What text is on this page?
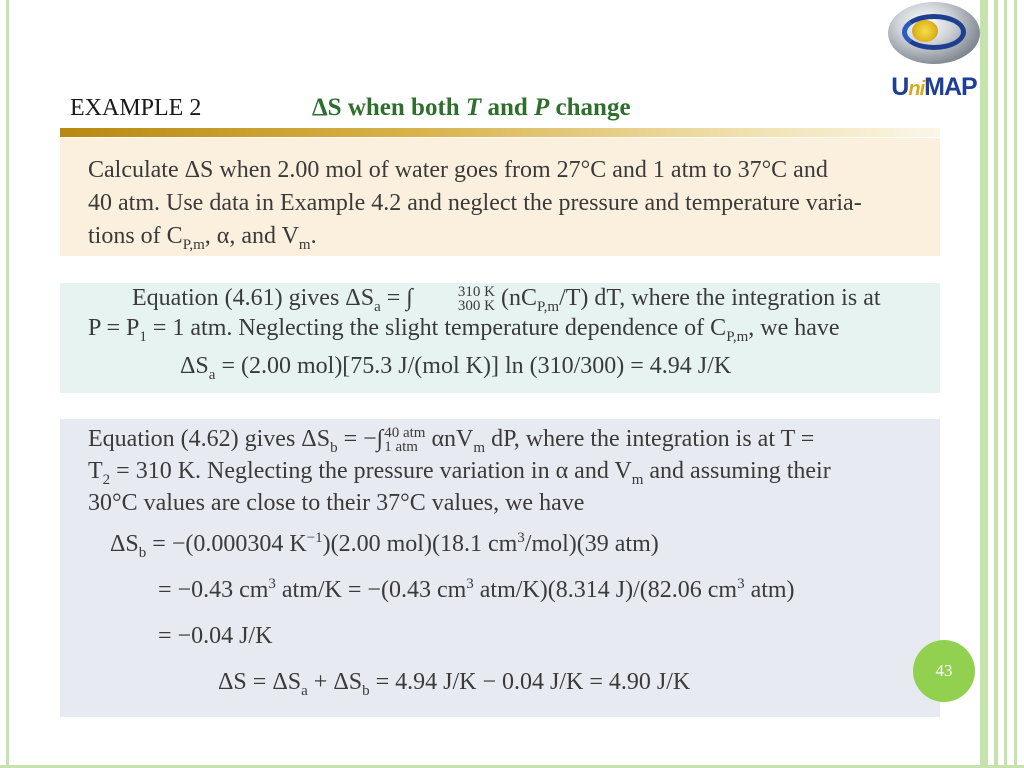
UniMAP
EXAMPLE 2	ΔS when both T and P change

Calculate ΔS when 2.00 mol of water goes from 27°C and 1 atm to 37°C and

40 atm. Use data in Example 4.2 and neglect the pressure and temperature varia-

tions of $C_{P,m}$, α, and $V_m$.

Equation (4.61) gives $\Delta S_a$ = ∫	310 K
300 K $(nC_{P,m}/T)$ dT, where the integration is at

$P = P_1 = 1$ atm. Neglecting the slight temperature dependence of $C_{P,m}$, we have

$\Delta S_a = (2.00$ mol)[75.3 J/(mol K)] ln (310/300) = 4.94 J/K

Equation (4.62) gives $\Delta S_b$ = −∫ 40 atm
1 atm αnV$_m$ dP, where the integration is at T =

$T_2 = 310$ K. Neglecting the pressure variation in α and $V_m$ and assuming their

30°C values are close to their 37°C values, we have

$\Delta S_b = -(0.000304$ $K^{-1})(2.00$ mol)(18.1 $cm^3/mol)(39$ atm)
= −0.43 $cm^3$ atm/K = −(0.43 $cm^3$ atm/K)(8.314 J)/(82.06 $cm^3$ atm)
= −0.04 J/K
$\Delta S = \Delta S_a + \Delta S_b = 4.94$ J/K − 0.04 J/K = 4.90 J/K	43
